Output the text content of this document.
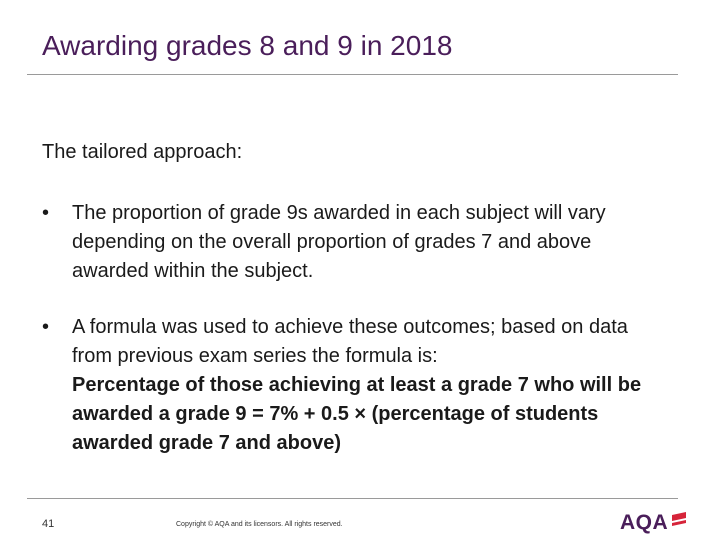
Awarding grades 8 and 9 in 2018

The tailored approach:

•	The proportion of grade 9s awarded in each subject will vary depending on the overall proportion of grades 7 and above awarded within the subject.
•	A formula was used to achieve these outcomes; based on data from previous exam series the formula is:
Percentage of those achieving at least a grade 7 who will be awarded a grade 9 = 7% + 0.5 × (percentage of students awarded grade 7 and above)
41	Copyright © AQA and its licensors. All rights reserved.	AQA
